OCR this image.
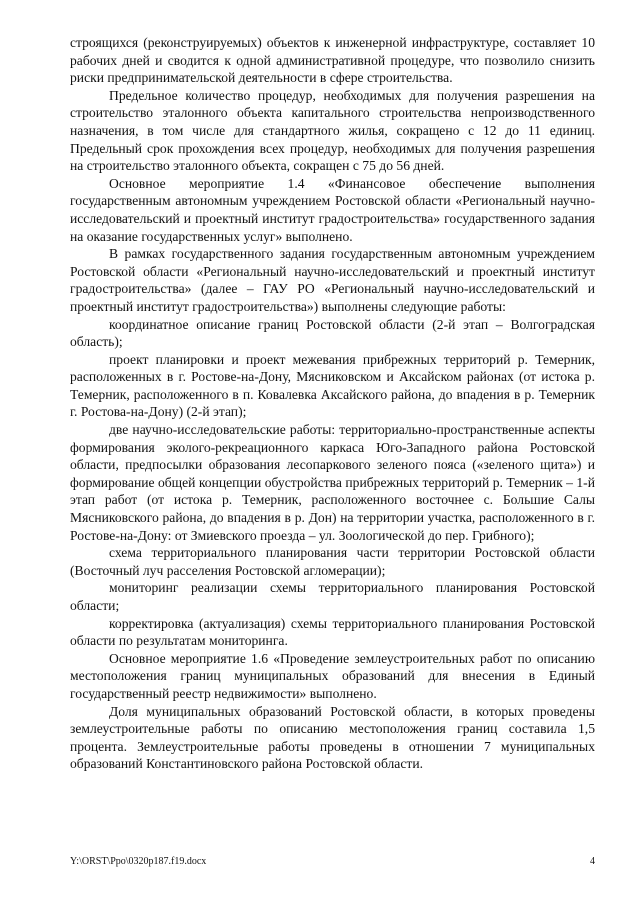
строящихся (реконструируемых) объектов к инженерной инфраструктуре, составляет 10 рабочих дней и сводится к одной административной процедуре, что позволило снизить риски предпринимательской деятельности в сфере строительства.

Предельное количество процедур, необходимых для получения разрешения на строительство эталонного объекта капитального строительства непроизводственного назначения, в том числе для стандартного жилья, сокращено с 12 до 11 единиц. Предельный срок прохождения всех процедур, необходимых для получения разрешения на строительство эталонного объекта, сокращен с 75 до 56 дней.

Основное мероприятие 1.4 «Финансовое обеспечение выполнения государственным автономным учреждением Ростовской области «Региональный научно-исследовательский и проектный институт градостроительства» государственного задания на оказание государственных услуг» выполнено.

В рамках государственного задания государственным автономным учреждением Ростовской области «Региональный научно-исследовательский и проектный институт градостроительства» (далее – ГАУ РО «Региональный научно-исследовательский и проектный институт градостроительства») выполнены следующие работы:

координатное описание границ Ростовской области (2-й этап – Волгоградская область);

проект планировки и проект межевания прибрежных территорий р. Темерник, расположенных в г. Ростове-на-Дону, Мясниковском и Аксайском районах (от истока р. Темерник, расположенного в п. Ковалевка Аксайского района, до впадения в р. Темерник г. Ростова-на-Дону) (2-й этап);

две научно-исследовательские работы: территориально-пространственные аспекты формирования эколого-рекреационного каркаса Юго-Западного района Ростовской области, предпосылки образования лесопаркового зеленого пояса («зеленого щита») и формирование общей концепции обустройства прибрежных территорий р. Темерник – 1-й этап работ (от истока р. Темерник, расположенного восточнее с. Большие Салы Мясниковского района, до впадения в р. Дон) на территории участка, расположенного в г. Ростове-на-Дону: от Змиевского проезда – ул. Зоологической до пер. Грибного);

схема территориального планирования части территории Ростовской области (Восточный луч расселения Ростовской агломерации);

мониторинг реализации схемы территориального планирования Ростовской области;

корректировка (актуализация) схемы территориального планирования Ростовской области по результатам мониторинга.

Основное мероприятие 1.6 «Проведение землеустроительных работ по описанию местоположения границ муниципальных образований для внесения в Единый государственный реестр недвижимости» выполнено.

Доля муниципальных образований Ростовской области, в которых проведены землеустроительные работы по описанию местоположения границ составила 1,5 процента. Землеустроительные работы проведены в отношении 7 муниципальных образований Константиновского района Ростовской области.

Y:\ORST\Ppo\0320p187.f19.docx	4
